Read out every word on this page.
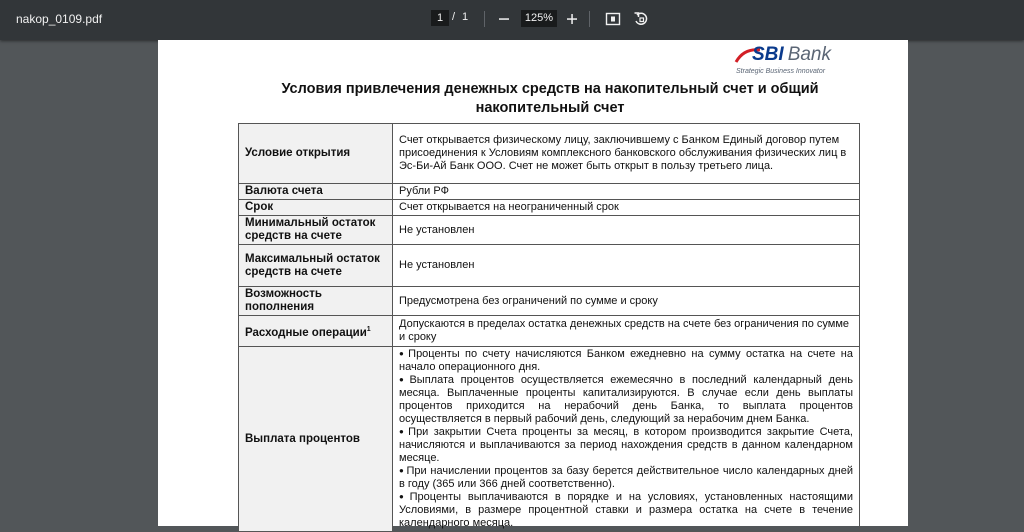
nakop_0109.pdf	1 / 1	125%
SBI Bank
Strategic Business Innovator
Условия привлечения денежных средств на накопительный счет и общий накопительный счет
Условие открытия	Счет открывается физическому лицу, заключившему с Банком Единый договор путем присоединения к Условиям комплексного банковского обслуживания физических лиц в Эс-Би-Ай Банк ООО. Счет не может быть открыт в пользу третьего лица.
Валюта счета	Рубли РФ
Срок	Счет открывается на неограниченный срок
Минимальный остаток средств на счете	Не установлен
Максимальный остаток средств на счете	Не установлен
Возможность пополнения	Предусмотрена без ограничений по сумме и сроку
Расходные операции$^1$	Допускаются в пределах остатка денежных средств на счете без ограничения по сумме и сроку
Выплата процентов	● Проценты по счету начисляются Банком ежедневно на сумму остатка на счете на начало операционного дня.

● Выплата процентов осуществляется ежемесячно в последний календарный день месяца. Выплаченные проценты капитализируются. В случае если день выплаты процентов приходится на нерабочий день Банка, то выплата процентов осуществляется в первый рабочий день, следующий за нерабочим днем Банка.

● При закрытии Счета проценты за месяц, в котором производится закрытие Счета, начисляются и выплачиваются за период нахождения средств в данном календарном месяце.

● При начислении процентов за базу берется действительное число календарных дней в году (365 или 366 дней соответственно).

● Проценты выплачиваются в порядке и на условиях, установленных настоящими Условиями, в размере процентной ставки и размера остатка на счете в течение календарного месяца.
